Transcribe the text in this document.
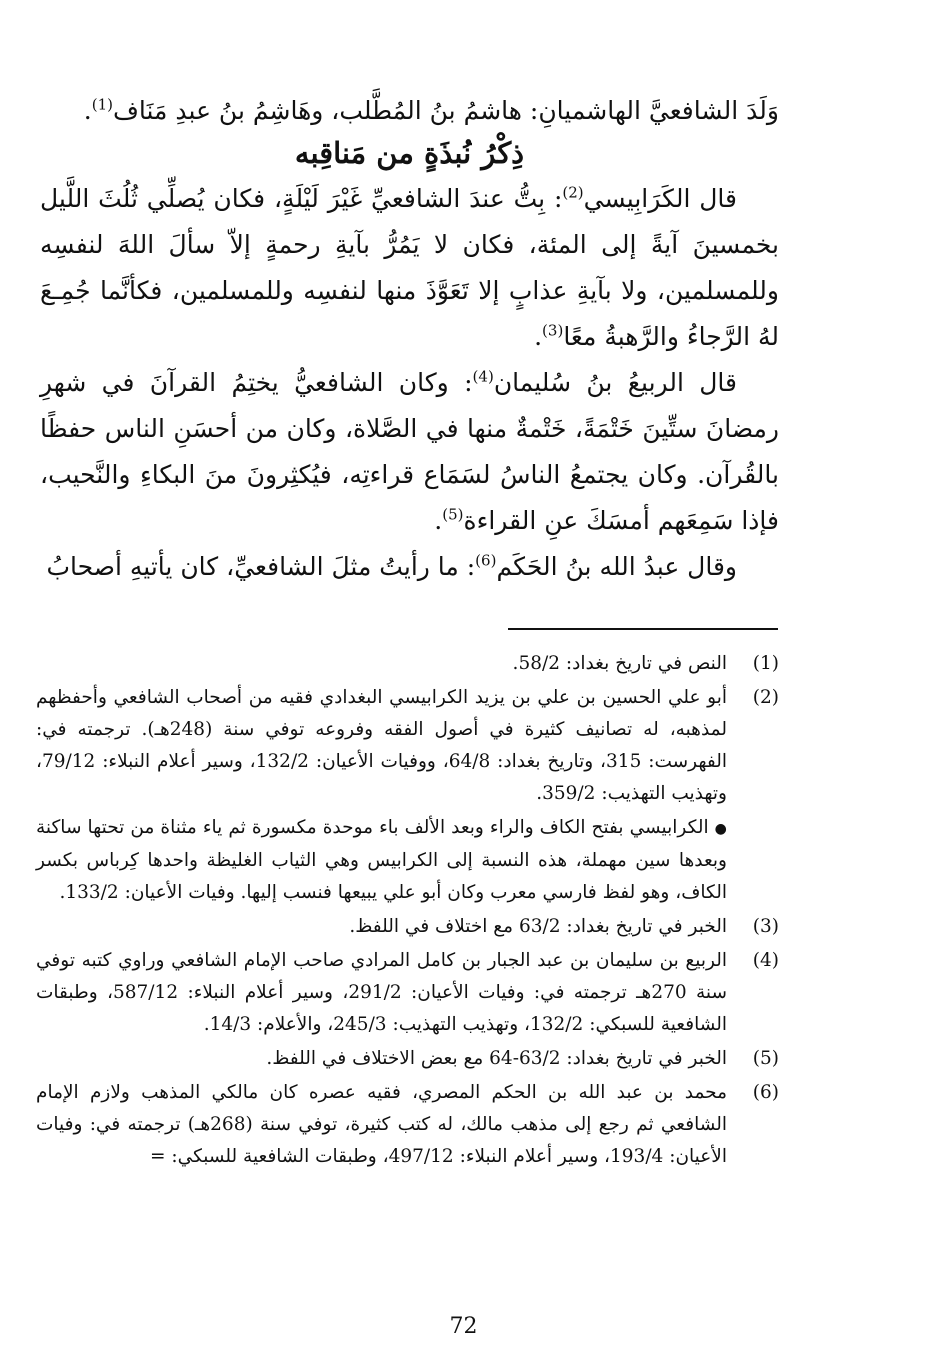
وَلَدَ الشافعيَّ الهاشميانِ: هاشمُ بنُ المُطَّلب، وهَاشِمُ بنُ عبدِ مَنَاف$^{(1)}$.

ذِكْرُ نُبذَةٍ من مَناقِبه

قال الكَرَابِيسي$^{(2)}$: بِتُّ عندَ الشافعيِّ غَيْرَ لَيْلَةٍ، فكان يُصلِّي ثُلُثَ اللَّيل بخمسينَ آيةً إلى المئة، فكان لا يَمُرُّ بآيةِ رحمةٍ إلاّ سألَ اللهَ لنفسِه وللمسلمين، ولا بآيةِ عذابٍ إلا تَعَوَّذَ منها لنفسِه وللمسلمين، فكأنَّما جُمِـعَ لهُ الرَّجاءُ والرَّهبةُ معًا$^{(3)}$.

قال الربيعُ بنُ سُليمان$^{(4)}$: وكان الشافعيُّ يختِمُ القرآنَ في شهرِ رمضانَ ستِّينَ خَتْمَةً، خَتْمةٌ منها في الصَّلاة، وكان من أحسَنِ الناس حفظًا بالقُرآن. وكان يجتمعُ الناسُ لسَمَاع قراءتِه، فيُكثِرونَ منَ البكاءِ والنَّحيب، فإذا سَمِعَهم أمسَكَ عنِ القراءة$^{(5)}$.

وقال عبدُ الله بنُ الحَكَم$^{(6)}$: ما رأيتُ مثلَ الشافعيِّ، كان يأتيهِ أصحابُ

(1)
النص في تاريخ بغداد: 58/2.
(2)
أبو علي الحسين بن علي بن يزيد الكرابيسي البغدادي فقيه من أصحاب الشافعي وأحفظهم لمذهبه، له تصانيف كثيرة في أصول الفقه وفروعه توفي سنة (248هـ). ترجمته في: الفهرست: 315، وتاريخ بغداد: 64/8، ووفيات الأعيان: 132/2، وسير أعلام النبلاء: 79/12، وتهذيب التهذيب: 359/2.
●الكرابيسي بفتح الكاف والراء وبعد الألف باء موحدة مكسورة ثم ياء مثناة من تحتها ساكنة وبعدها سين مهملة، هذه النسبة إلى الكرابيس وهي الثياب الغليظة واحدها كِرباس بكسر الكاف، وهو لفظ فارسي معرب وكان أبو علي يبيعها فنسب إليها. وفيات الأعيان: 133/2.
(3)
الخبر في تاريخ بغداد: 63/2 مع اختلاف في اللفظ.
(4)
الربيع بن سليمان بن عبد الجبار بن كامل المرادي صاحب الإمام الشافعي وراوي كتبه توفي سنة 270هـ ترجمته في: وفيات الأعيان: 291/2، وسير أعلام النبلاء: 587/12، وطبقات الشافعية للسبكي: 132/2، وتهذيب التهذيب: 245/3، والأعلام: 14/3.
(5)
الخبر في تاريخ بغداد: 63/2-64 مع بعض الاختلاف في اللفظ.
(6)
محمد بن عبد الله بن الحكم المصري، فقيه عصره كان مالكي المذهب ولازم الإمام الشافعي ثم رجع إلى مذهب مالك، له كتب كثيرة، توفي سنة (268هـ) ترجمته في: وفيات الأعيان: 193/4، وسير أعلام النبلاء: 497/12، وطبقات الشافعية للسبكي: =
72
